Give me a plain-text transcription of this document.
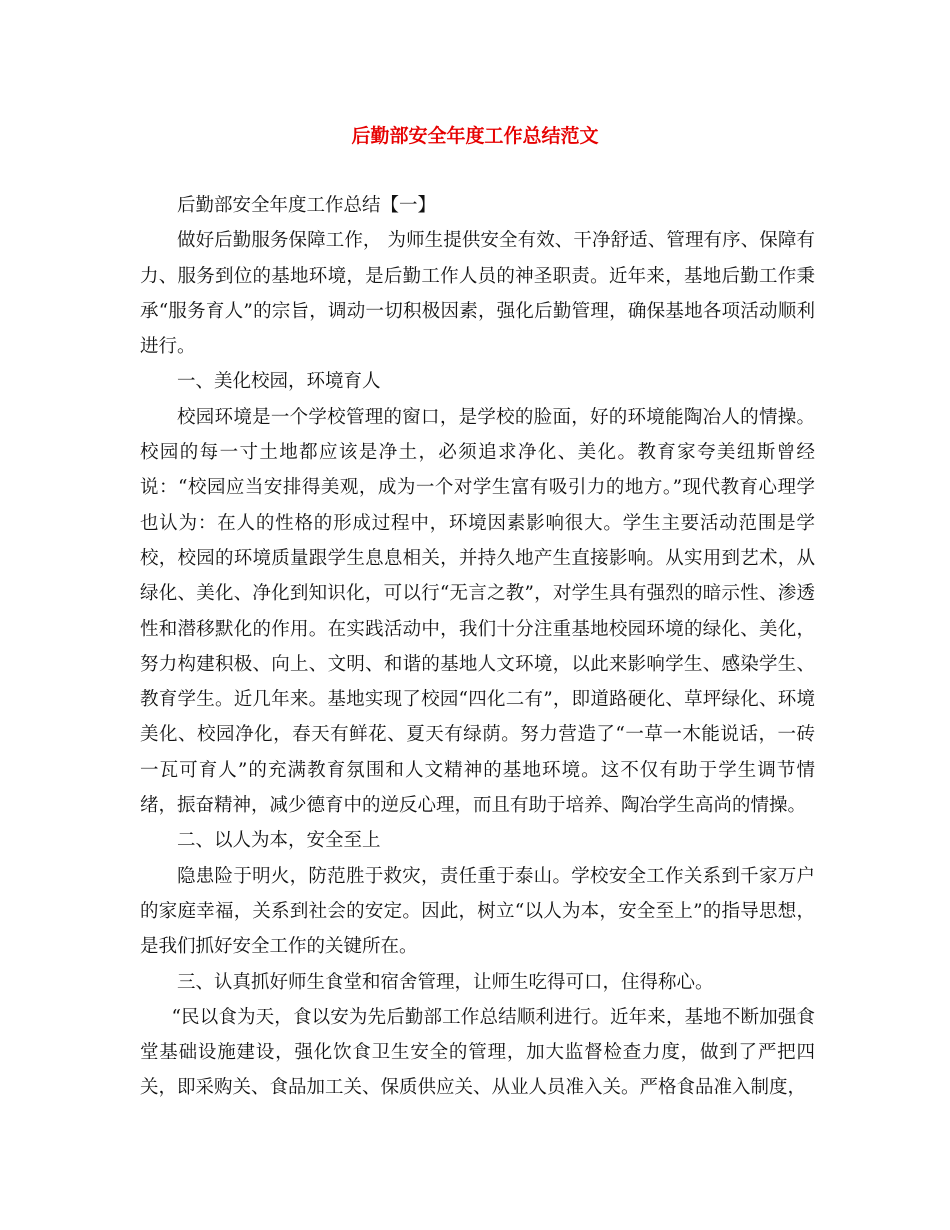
后勤部安全年度工作总结范文

后勤部安全年度工作总结【一】

做好后勤服务保障工作， 为师生提供安全有效、干净舒适、管理有序、保障有力、服务到位的基地环境，是后勤工作人员的神圣职责。近年来，基地后勤工作秉承“服务育人”的宗旨，调动一切积极因素，强化后勤管理，确保基地各项活动顺利进行。

一、美化校园，环境育人

校园环境是一个学校管理的窗口，是学校的脸面，好的环境能陶冶人的情操。校园的每一寸土地都应该是净土，必须追求净化、美化。教育家夸美纽斯曾经说：“校园应当安排得美观，成为一个对学生富有吸引力的地方。”现代教育心理学也认为：在人的性格的形成过程中，环境因素影响很大。学生主要活动范围是学校，校园的环境质量跟学生息息相关，并持久地产生直接影响。从实用到艺术，从绿化、美化、净化到知识化，可以行“无言之教”，对学生具有强烈的暗示性、渗透性和潜移默化的作用。在实践活动中，我们十分注重基地校园环境的绿化、美化，努力构建积极、向上、文明、和谐的基地人文环境，以此来影响学生、感染学生、教育学生。近几年来。基地实现了校园“四化二有”，即道路硬化、草坪绿化、环境美化、校园净化，春天有鲜花、夏天有绿荫。努力营造了“一草一木能说话，一砖一瓦可育人”的充满教育氛围和人文精神的基地环境。这不仅有助于学生调节情绪，振奋精神，减少德育中的逆反心理，而且有助于培养、陶冶学生高尚的情操。

二、以人为本，安全至上

隐患险于明火，防范胜于救灾，责任重于泰山。学校安全工作关系到千家万户的家庭幸福，关系到社会的安定。因此，树立“以人为本，安全至上”的指导思想，是我们抓好安全工作的关键所在。

三、认真抓好师生食堂和宿舍管理，让师生吃得可口，住得称心。

“民以食为天，食以安为先后勤部工作总结顺利进行。近年来，基地不断加强食堂基础设施建设，强化饮食卫生安全的管理，加大监督检查力度，做到了严把四关，即采购关、食品加工关、保质供应关、从业人员准入关。严格食品准入制度，
